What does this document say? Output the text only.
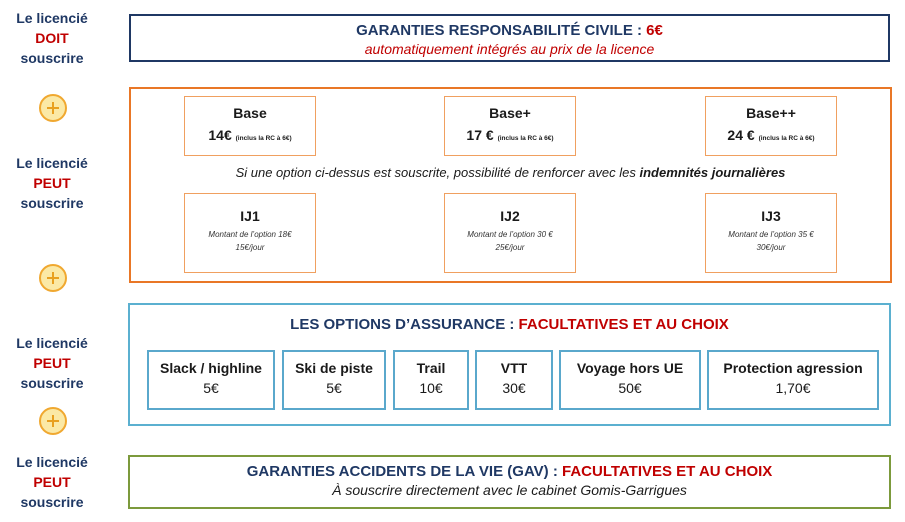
Le licencié
DOIT
souscrire
Le licencié
PEUT
souscrire
Le licencié
PEUT
souscrire
Le licencié
PEUT
souscrire
GARANTIES RESPONSABILITÉ CIVILE : 6€
automatiquement intégrés au prix de la licence
Base
14€ (inclus la RC à 6€)
Base+
17 € (inclus la RC à 6€)
Base++
24 € (inclus la RC à 6€)
Si une option ci-dessus est souscrite, possibilité de renforcer avec les indemnités journalières
IJ1
Montant de l’option 18€
15€/jour
IJ2
Montant de l’option 30 €
25€/jour
IJ3
Montant de l’option 35 €
30€/jour
LES OPTIONS D’ASSURANCE : FACULTATIVES ET AU CHOIX
Slack / highline
5€
Ski de piste
5€
Trail
10€
VTT
30€
Voyage hors UE
50€
Protection agression
1,70€
GARANTIES ACCIDENTS DE LA VIE (GAV) : FACULTATIVES ET AU CHOIX
À souscrire directement avec le cabinet Gomis-Garrigues
